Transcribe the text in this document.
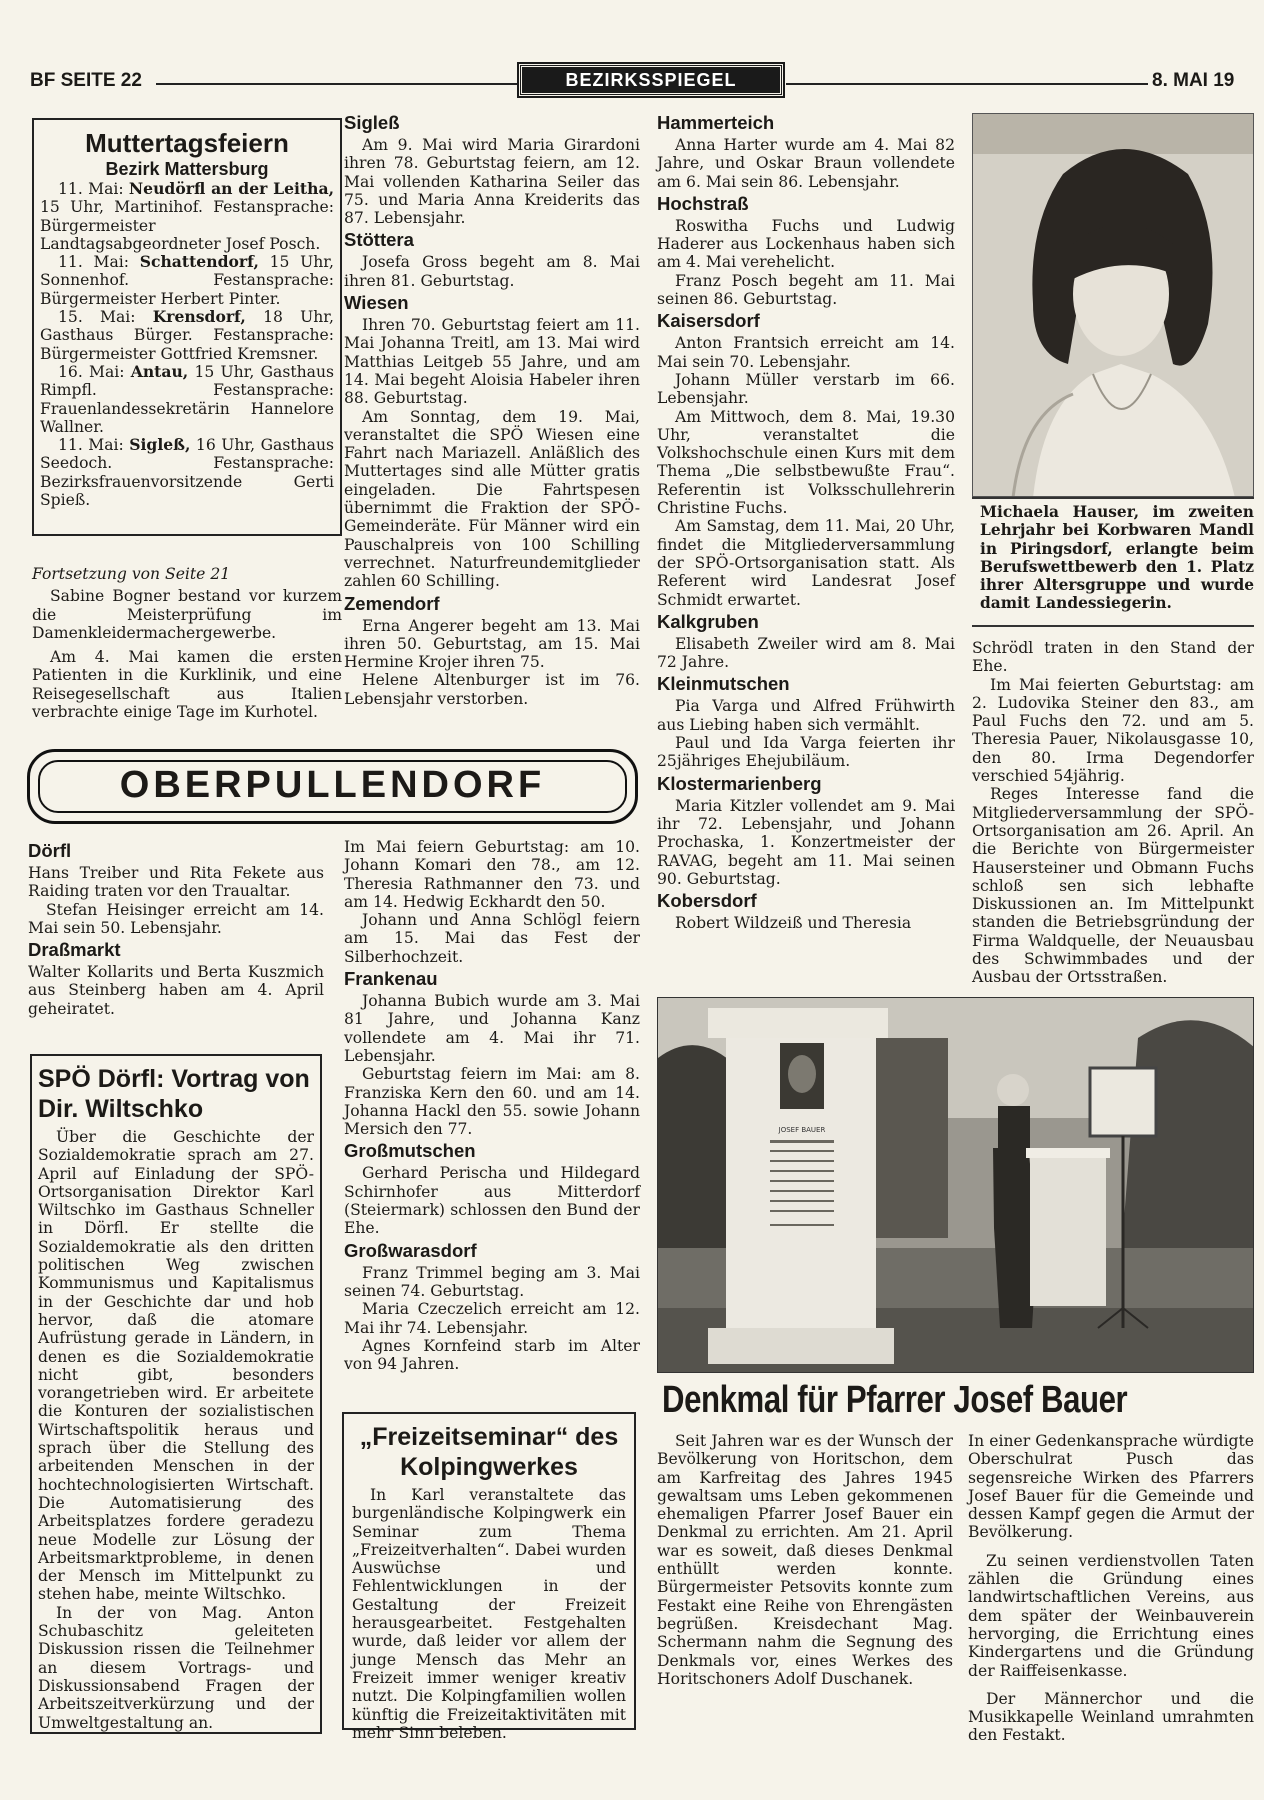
BF SEITE 22	BEZIRKSSPIEGEL	8. MAI 19
Muttertagsfeiern
Bezirk Mattersburg

11. Mai: Neudörfl an der Leitha, 15 Uhr, Martinihof. Festansprache: Bürgermeister Landtagsabgeordneter Josef Posch.

11. Mai: Schattendorf, 15 Uhr, Sonnenhof. Festansprache: Bürgermeister Herbert Pinter.

15. Mai: Krensdorf, 18 Uhr, Gasthaus Bürger. Festansprache: Bürgermeister Gottfried Kremsner.

16. Mai: Antau, 15 Uhr, Gasthaus Rimpfl. Festansprache: Frauenlandessekretärin Hannelore Wallner.

11. Mai: Sigleß, 16 Uhr, Gasthaus Seedoch. Festansprache: Bezirksfrauenvorsitzende Gerti Spieß.

Fortsetzung von Seite 21

Sabine Bogner bestand vor kurzem die Meisterprüfung im Damenkleidermachergewerbe.

Am 4. Mai kamen die ersten Patienten in die Kurklinik, und eine Reisegesellschaft aus Italien verbrachte einige Tage im Kurhotel.

Sigleß

Am 9. Mai wird Maria Girardoni ihren 78. Geburtstag feiern, am 12. Mai vollenden Katharina Seiler das 75. und Maria Anna Kreiderits das 87. Lebensjahr.

Stöttera

Josefa Gross begeht am 8. Mai ihren 81. Geburtstag.

Wiesen

Ihren 70. Geburtstag feiert am 11. Mai Johanna Treitl, am 13. Mai wird Matthias Leitgeb 55 Jahre, und am 14. Mai begeht Aloisia Habeler ihren 88. Geburtstag.

Am Sonntag, dem 19. Mai, veranstaltet die SPÖ Wiesen eine Fahrt nach Mariazell. Anläßlich des Muttertages sind alle Mütter gratis eingeladen. Die Fahrtspesen übernimmt die Fraktion der SPÖ-Gemeinderäte. Für Männer wird ein Pauschalpreis von 100 Schilling verrechnet. Naturfreundemitglieder zahlen 60 Schilling.

Zemendorf

Erna Angerer begeht am 13. Mai ihren 50. Geburtstag, am 15. Mai Hermine Krojer ihren 75.

Helene Altenburger ist im 76. Lebensjahr verstorben.

Hammerteich

Anna Harter wurde am 4. Mai 82 Jahre, und Oskar Braun vollendete am 6. Mai sein 86. Lebensjahr.

Hochstraß

Roswitha Fuchs und Ludwig Haderer aus Lockenhaus haben sich am 4. Mai verehelicht.

Franz Posch begeht am 11. Mai seinen 86. Geburtstag.

Kaisersdorf

Anton Frantsich erreicht am 14. Mai sein 70. Lebensjahr.

Johann Müller verstarb im 66. Lebensjahr.

Am Mittwoch, dem 8. Mai, 19.30 Uhr, veranstaltet die Volkshochschule einen Kurs mit dem Thema „Die selbstbewußte Frau“. Referentin ist Volksschullehrerin Christine Fuchs.

Am Samstag, dem 11. Mai, 20 Uhr, findet die Mitgliederversammlung der SPÖ-Ortsorganisation statt. Als Referent wird Landesrat Josef Schmidt erwartet.

Kalkgruben

Elisabeth Zweiler wird am 8. Mai 72 Jahre.

Kleinmutschen

Pia Varga und Alfred Frühwirth aus Liebing haben sich vermählt.

Paul und Ida Varga feierten ihr 25jähriges Ehejubiläum.

Klostermarienberg

Maria Kitzler vollendet am 9. Mai ihr 72. Lebensjahr, und Johann Prochaska, 1. Konzertmeister der RAVAG, begeht am 11. Mai seinen 90. Geburtstag.

Kobersdorf

Robert Wildzeiß und Theresia

Michaela Hauser, im zweiten Lehrjahr bei Korbwaren Mandl in Piringsdorf, erlangte beim Berufswettbewerb den 1. Platz ihrer Altersgruppe und wurde damit Landessiegerin.

Schrödl traten in den Stand der Ehe.

Im Mai feierten Geburtstag: am 2. Ludovika Steiner den 83., am Paul Fuchs den 72. und am 5. Theresia Pauer, Nikolausgasse 10, den 80. Irma Degendorfer verschied 54jährig.

Reges Interesse fand die Mitgliederversammlung der SPÖ-Ortsorganisation am 26. April. An die Berichte von Bürgermeister Hausersteiner und Obmann Fuchs schloß sen sich lebhafte Diskussionen an. Im Mittelpunkt standen die Betriebsgründung der Firma Waldquelle, der Neuausbau des Schwimmbades und der Ausbau der Ortsstraßen.

OBERPULLENDORF
Dörfl

Hans Treiber und Rita Fekete aus Raiding traten vor den Traualtar.

Stefan Heisinger erreicht am 14. Mai sein 50. Lebensjahr.

Draßmarkt

Walter Kollarits und Berta Kuszmich aus Steinberg haben am 4. April geheiratet.

SPÖ Dörfl: Vortrag von Dir. Wiltschko

Über die Geschichte der Sozialdemokratie sprach am 27. April auf Einladung der SPÖ-Ortsorganisation Direktor Karl Wiltschko im Gasthaus Schneller in Dörfl. Er stellte die Sozialdemokratie als den dritten politischen Weg zwischen Kommunismus und Kapitalismus in der Geschichte dar und hob hervor, daß die atomare Aufrüstung gerade in Ländern, in denen es die Sozialdemokratie nicht gibt, besonders vorangetrieben wird. Er arbeitete die Konturen der sozialistischen Wirtschaftspolitik heraus und sprach über die Stellung des arbeitenden Menschen in der hochtechnologisierten Wirtschaft. Die Automatisierung des Arbeitsplatzes fordere geradezu neue Modelle zur Lösung der Arbeitsmarktprobleme, in denen der Mensch im Mittelpunkt zu stehen habe, meinte Wiltschko.

In der von Mag. Anton Schubaschitz geleiteten Diskussion rissen die Teilnehmer an diesem Vortrags- und Diskussionsabend Fragen der Arbeitszeitverkürzung und der Umweltgestaltung an.

Im Mai feiern Geburtstag: am 10. Johann Komari den 78., am 12. Theresia Rathmanner den 73. und am 14. Hedwig Eckhardt den 50.

Johann und Anna Schlögl feiern am 15. Mai das Fest der Silberhochzeit.

Frankenau

Johanna Bubich wurde am 3. Mai 81 Jahre, und Johanna Kanz vollendete am 4. Mai ihr 71. Lebensjahr.

Geburtstag feiern im Mai: am 8. Franziska Kern den 60. und am 14. Johanna Hackl den 55. sowie Johann Mersich den 77.

Großmutschen

Gerhard Perischa und Hildegard Schirnhofer aus Mitterdorf (Steiermark) schlossen den Bund der Ehe.

Großwarasdorf

Franz Trimmel beging am 3. Mai seinen 74. Geburtstag.

Maria Czeczelich erreicht am 12. Mai ihr 74. Lebensjahr.

Agnes Kornfeind starb im Alter von 94 Jahren.

„Freizeitseminar“ des Kolpingwerkes

In Karl veranstaltete das burgenländische Kolpingwerk ein Seminar zum Thema „Freizeitverhalten“. Dabei wurden Auswüchse und Fehlentwicklungen in der Gestaltung der Freizeit herausgearbeitet. Festgehalten wurde, daß leider vor allem der junge Mensch das Mehr an Freizeit immer weniger kreativ nutzt. Die Kolpingfamilien wollen künftig die Freizeitaktivitäten mit mehr Sinn beleben.

JOSEF BAUER
Denkmal für Pfarrer Josef Bauer

Seit Jahren war es der Wunsch der Bevölkerung von Horitschon, dem am Karfreitag des Jahres 1945 gewaltsam ums Leben gekommenen ehemaligen Pfarrer Josef Bauer ein Denkmal zu errichten. Am 21. April war es soweit, daß dieses Denkmal enthüllt werden konnte. Bürgermeister Petsovits konnte zum Festakt eine Reihe von Ehrengästen begrüßen. Kreisdechant Mag. Schermann nahm die Segnung des Denkmals vor, eines Werkes des Horitschoners Adolf Duschanek.

In einer Gedenkansprache würdigte Oberschulrat Pusch das segensreiche Wirken des Pfarrers Josef Bauer für die Gemeinde und dessen Kampf gegen die Armut der Bevölkerung.

Zu seinen verdienstvollen Taten zählen die Gründung eines landwirtschaftlichen Vereins, aus dem später der Weinbauverein hervorging, die Errichtung eines Kindergartens und die Gründung der Raiffeisenkasse.

Der Männerchor und die Musikkapelle Weinland umrahmten den Festakt.
